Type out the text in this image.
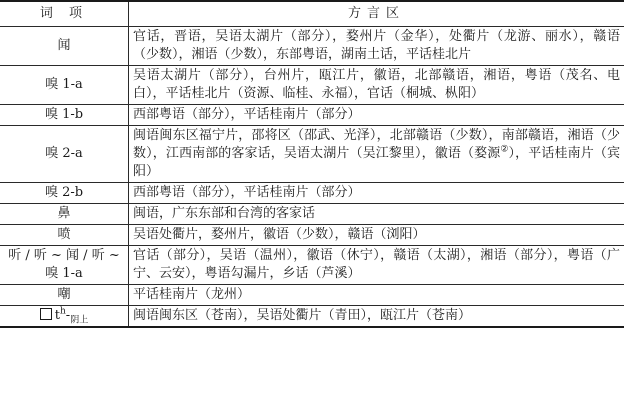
词 项	方言区
闻	官话，晋语，吴语太湖片（部分），婺州片（金华），处衢片（龙游、丽水），赣语（少数），湘语（少数），东部粤语，湖南土话，平话桂北片
嗅 1-a	吴语太湖片（部分），台州片，瓯江片，徽语，北部赣语，湘语，粤语（茂名、电白），平话桂北片（资源、临桂、永福），官话（桐城、枞阳）
嗅 1-b	西部粤语（部分），平话桂南片（部分）
嗅 2-a	闽语闽东区福宁片，邵将区（邵武、光泽），北部赣语（少数），南部赣语，湘语（少数），江西南部的客家话，吴语太湖片（吴江黎里），徽语（婺源②），平话桂南片（宾阳）
嗅 2-b	西部粤语（部分），平话桂南片（部分）
鼻	闽语，广东东部和台湾的客家话
喷	吴语处衢片，婺州片，徽语（少数），赣语（浏阳）
听 / 听 ~ 闻 / 听 ~ 嗅 1-a	官话（部分），吴语（温州），徽语（休宁），赣语（太湖），湘语（部分），粤语（广宁、云安），粤语勾漏片，乡话（芦溪）
嘲	平话桂南片（龙州）
$t^h-_{阴上}$	闽语闽东区（苍南），吴语处衢片（青田），瓯江片（苍南）
